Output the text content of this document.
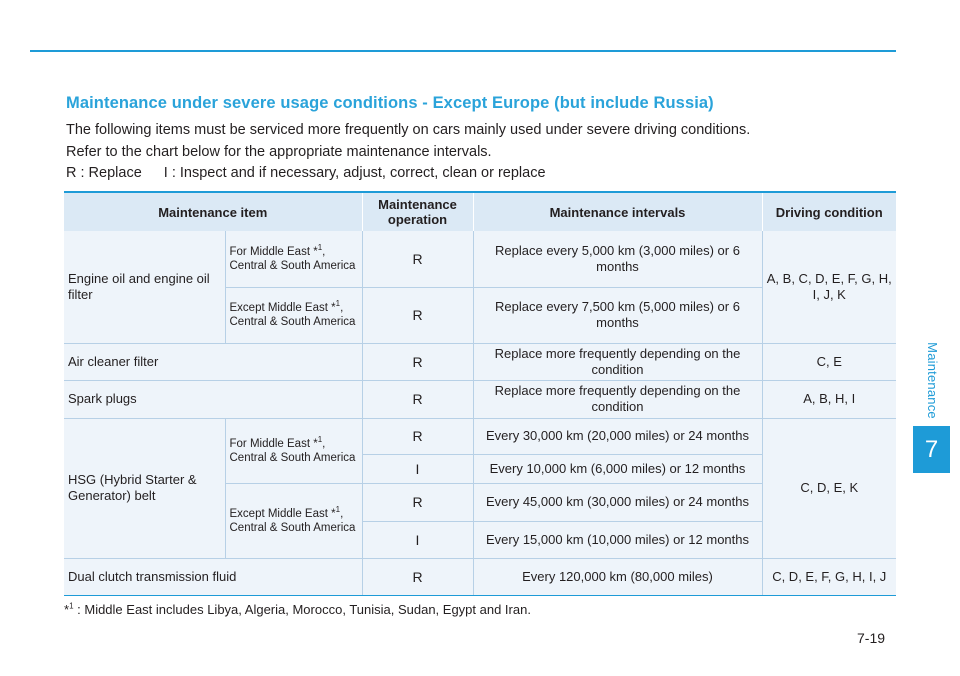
Maintenance
7
Maintenance under severe usage conditions - Except Europe (but include Russia)
The following items must be serviced more frequently on cars mainly used under severe driving conditions.
Refer to the chart below for the appropriate maintenance intervals.
R : Replace I : Inspect and if necessary, adjust, correct, clean or replace
Maintenance item		Maintenance operation	Maintenance intervals	Driving condition
Engine oil and engine oil filter	For Middle East *$^1$, Central & South America	R	Replace every 5,000 km (3,000 miles) or 6 months	A, B, C, D, E, F, G, H, I, J, K
	Except Middle East *$^1$, Central & South America	R	Replace every 7,500 km (5,000 miles) or 6 months	
Air cleaner filter		R	Replace more frequently depending on the condition	C, E
Spark plugs		R	Replace more frequently depending on the condition	A, B, H, I
HSG (Hybrid Starter & Generator) belt	For Middle East *$^1$, Central & South America	R	Every 30,000 km (20,000 miles) or 24 months	C, D, E, K
		I	Every 10,000 km (6,000 miles) or 12 months	
	Except Middle East *$^1$, Central & South America	R	Every 45,000 km (30,000 miles) or 24 months	
		I	Every 15,000 km (10,000 miles) or 12 months	
Dual clutch transmission fluid		R	Every 120,000 km (80,000 miles)	C, D, E, F, G, H, I, J
*$^1$ : Middle East includes Libya, Algeria, Morocco, Tunisia, Sudan, Egypt and Iran.
7-19
